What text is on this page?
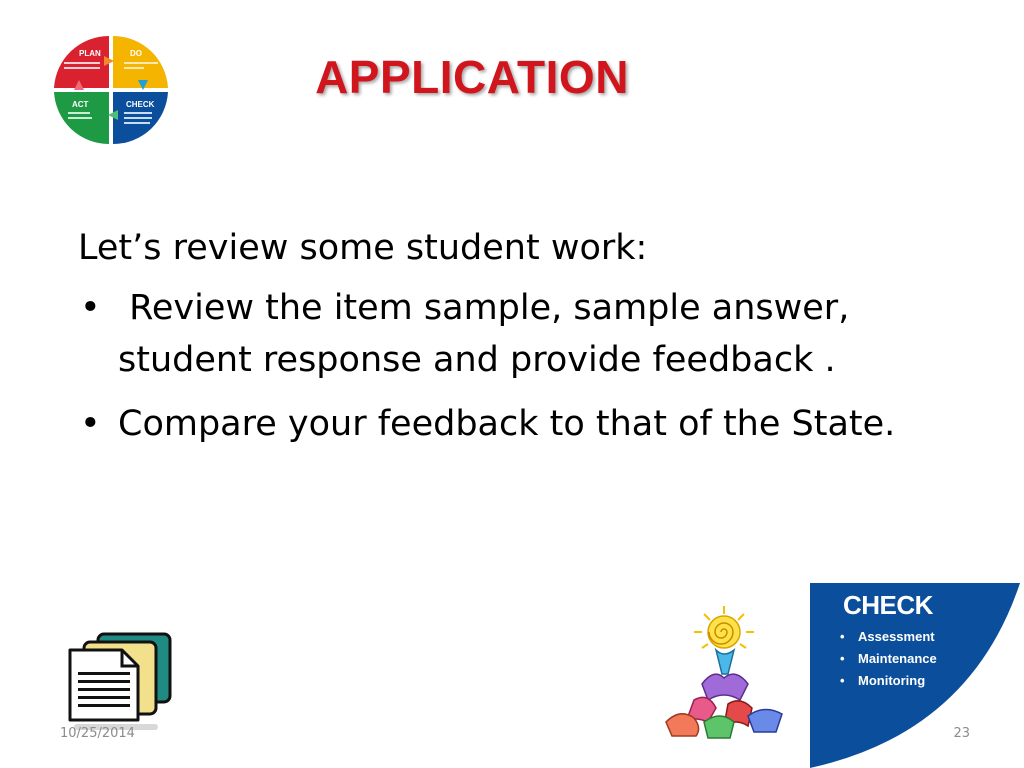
PLAN	DO
ACT	CHECK
APPLICATION

Let’s review some student work:

• Review the item sample, sample answer, student response and provide feedback .
• Compare your feedback to that of the State.
CHECK
• Assessment
• Maintenance
• Monitoring
10/25/2014	23
